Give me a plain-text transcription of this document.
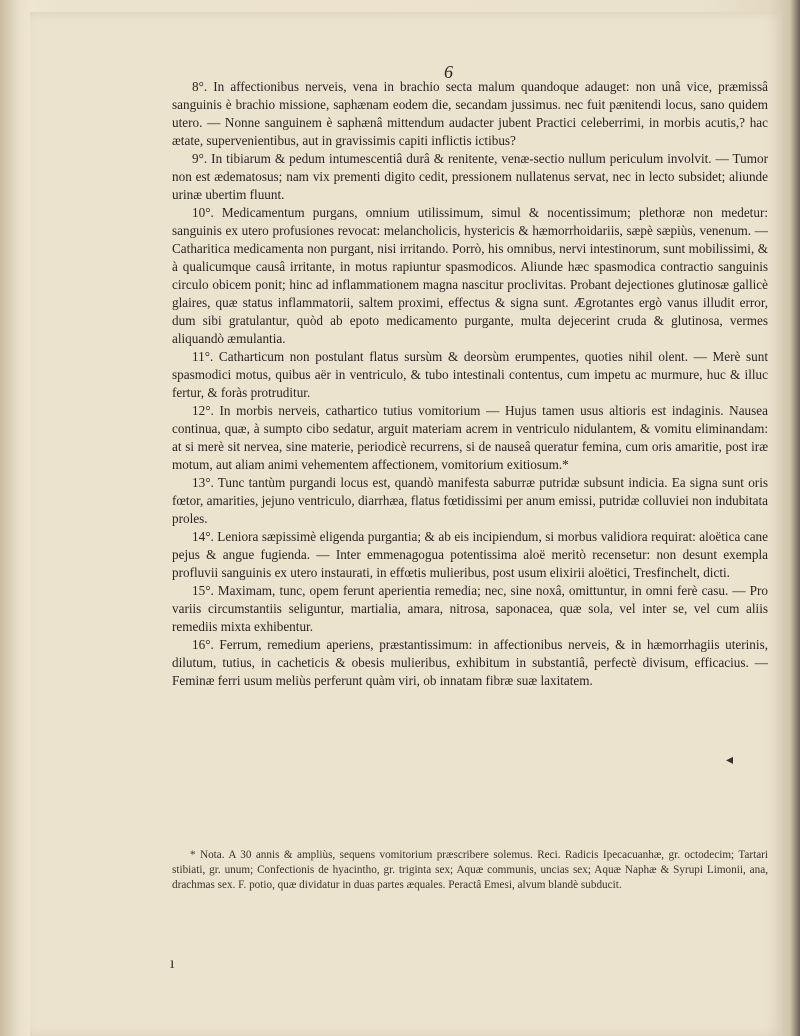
6

8°. In affectionibus nerveis, vena in brachio secta malum quandoque adauget: non unâ vice, præmissâ sanguinis è brachio missione, saphænam eodem die, secandam jussimus. nec fuit pænitendi locus, sano quidem utero. — Nonne sanguinem è saphænâ mittendum audacter jubent Practici celeberrimi, in morbis acutis,? hac ætate, supervenientibus, aut in gravissimis capiti inflictis ictibus?

9°. In tibiarum & pedum intumescentiâ durâ & renitente, venæ-sectio nullum periculum involvit. — Tumor non est ædematosus; nam vix prementi digito cedit, pressionem nullatenus servat, nec in lecto subsidet; aliunde urinæ ubertim fluunt.

10°. Medicamentum purgans, omnium utilissimum, simul & nocentissimum; plethoræ non medetur: sanguinis ex utero profusiones revocat: melancholicis, hystericis & hæmorrhoidariis, sæpè sæpiùs, venenum. — Catharitica medicamenta non purgant, nisi irritando. Porrò, his omnibus, nervi intestinorum, sunt mobilissimi, & à qualicumque causâ irritante, in motus rapiuntur spasmodicos. Aliunde hæc spasmodica contractio sanguinis circulo obicem ponit; hinc ad inflammationem magna nascitur proclivitas. Probant dejectiones glutinosæ gallicè glaires, quæ status inflammatorii, saltem proximi, effectus & signa sunt. Ægrotantes ergò vanus illudit error, dum sibi gratulantur, quòd ab epoto medicamento purgante, multa dejecerint cruda & glutinosa, vermes aliquandò æmulantia.

11°. Catharticum non postulant flatus sursùm & deorsùm erumpentes, quoties nihil olent. — Merè sunt spasmodici motus, quibus aër in ventriculo, & tubo intestinali contentus, cum impetu ac murmure, huc & illuc fertur, & foràs protruditur.

12°. In morbis nerveis, cathartico tutius vomitorium — Hujus tamen usus altioris est indaginis. Nausea continua, quæ, à sumpto cibo sedatur, arguit materiam acrem in ventriculo nidulantem, & vomitu eliminandam: at si merè sit nervea, sine materie, periodicè recurrens, si de nauseâ queratur femina, cum oris amaritie, post iræ motum, aut aliam animi vehementem affectionem, vomitorium exitiosum.*

13°. Tunc tantùm purgandi locus est, quandò manifesta saburræ putridæ subsunt indicia. Ea signa sunt oris fœtor, amarities, jejuno ventriculo, diarrhæa, flatus fœtidissimi per anum emissi, putridæ colluviei non indubitata proles.

14°. Leniora sæpissimè eligenda purgantia; & ab eis incipiendum, si morbus validiora requirat: aloëtica cane pejus & angue fugienda. — Inter emmenagogua potentissima aloë meritò recensetur: non desunt exempla profluvii sanguinis ex utero instaurati, in effœtis mulieribus, post usum elixirii aloëtici, Tresfinchelt, dicti.

15°. Maximam, tunc, opem ferunt aperientia remedia; nec, sine noxâ, omittuntur, in omni ferè casu. — Pro variis circumstantiis seliguntur, martialia, amara, nitrosa, saponacea, quæ sola, vel inter se, vel cum aliis remediis mixta exhibentur.

16°. Ferrum, remedium aperiens, præstantissimum: in affectionibus nerveis, & in hæmorrhagiis uterinis, dilutum, tutius, in cacheticis & obesis mulieribus, exhibitum in substantiâ, perfectè divisum, efficacius. — Feminæ ferri usum meliùs perferunt quàm viri, ob innatam fibræ suæ laxitatem.

* Nota. A 30 annis & ampliùs, sequens vomitorium præscribere solemus. Reci. Radicis Ipecacuanhæ, gr. octodecim; Tartari stibiati, gr. unum; Confectionis de hyacintho, gr. triginta sex; Aquæ communis, uncias sex; Aquæ Naphæ & Syrupi Limonii, ana, drachmas sex. F. potio, quæ dividatur in duas partes æquales. Peractâ Emesi, alvum blandè subducit.
ı
◂
